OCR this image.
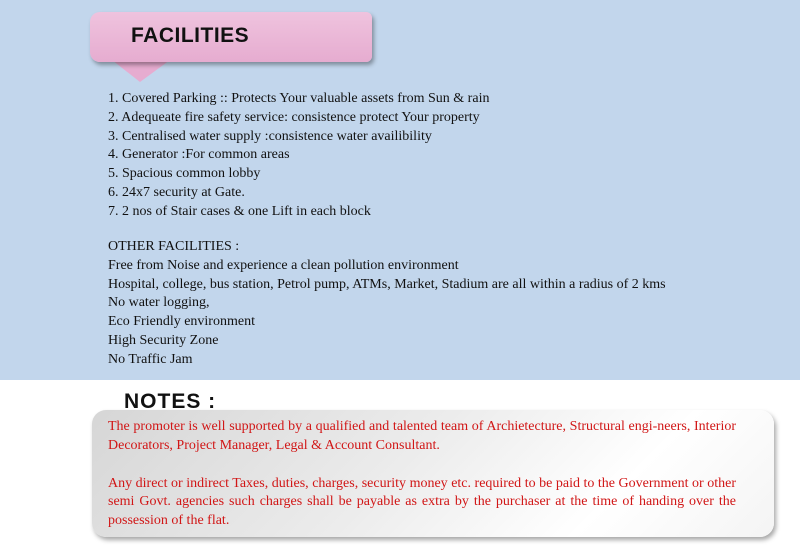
FACILITIES
1. Covered Parking :: Protects Your valuable assets from Sun & rain
2. Adequeate fire safety service: consistence protect Your property
3. Centralised water supply :consistence water availibility
4. Generator :For common areas
5. Spacious common lobby
6. 24x7 security at Gate.
7. 2 nos of Stair cases & one Lift in each block
OTHER FACILITIES :
Free from Noise and experience a clean pollution environment
Hospital, college, bus station, Petrol pump, ATMs, Market, Stadium are all within a radius of 2 kms
No water logging,
Eco Friendly environment
High Security Zone
No Traffic Jam
NOTES :

The promoter is well supported by a qualified and talented team of Archietecture, Structural engi-neers, Interior Decorators, Project Manager, Legal & Account Consultant.

Any direct or indirect Taxes, duties, charges, security money etc. required to be paid to the Government or other semi Govt. agencies such charges shall be payable as extra by the purchaser at the time of handing over the possession of the flat.
